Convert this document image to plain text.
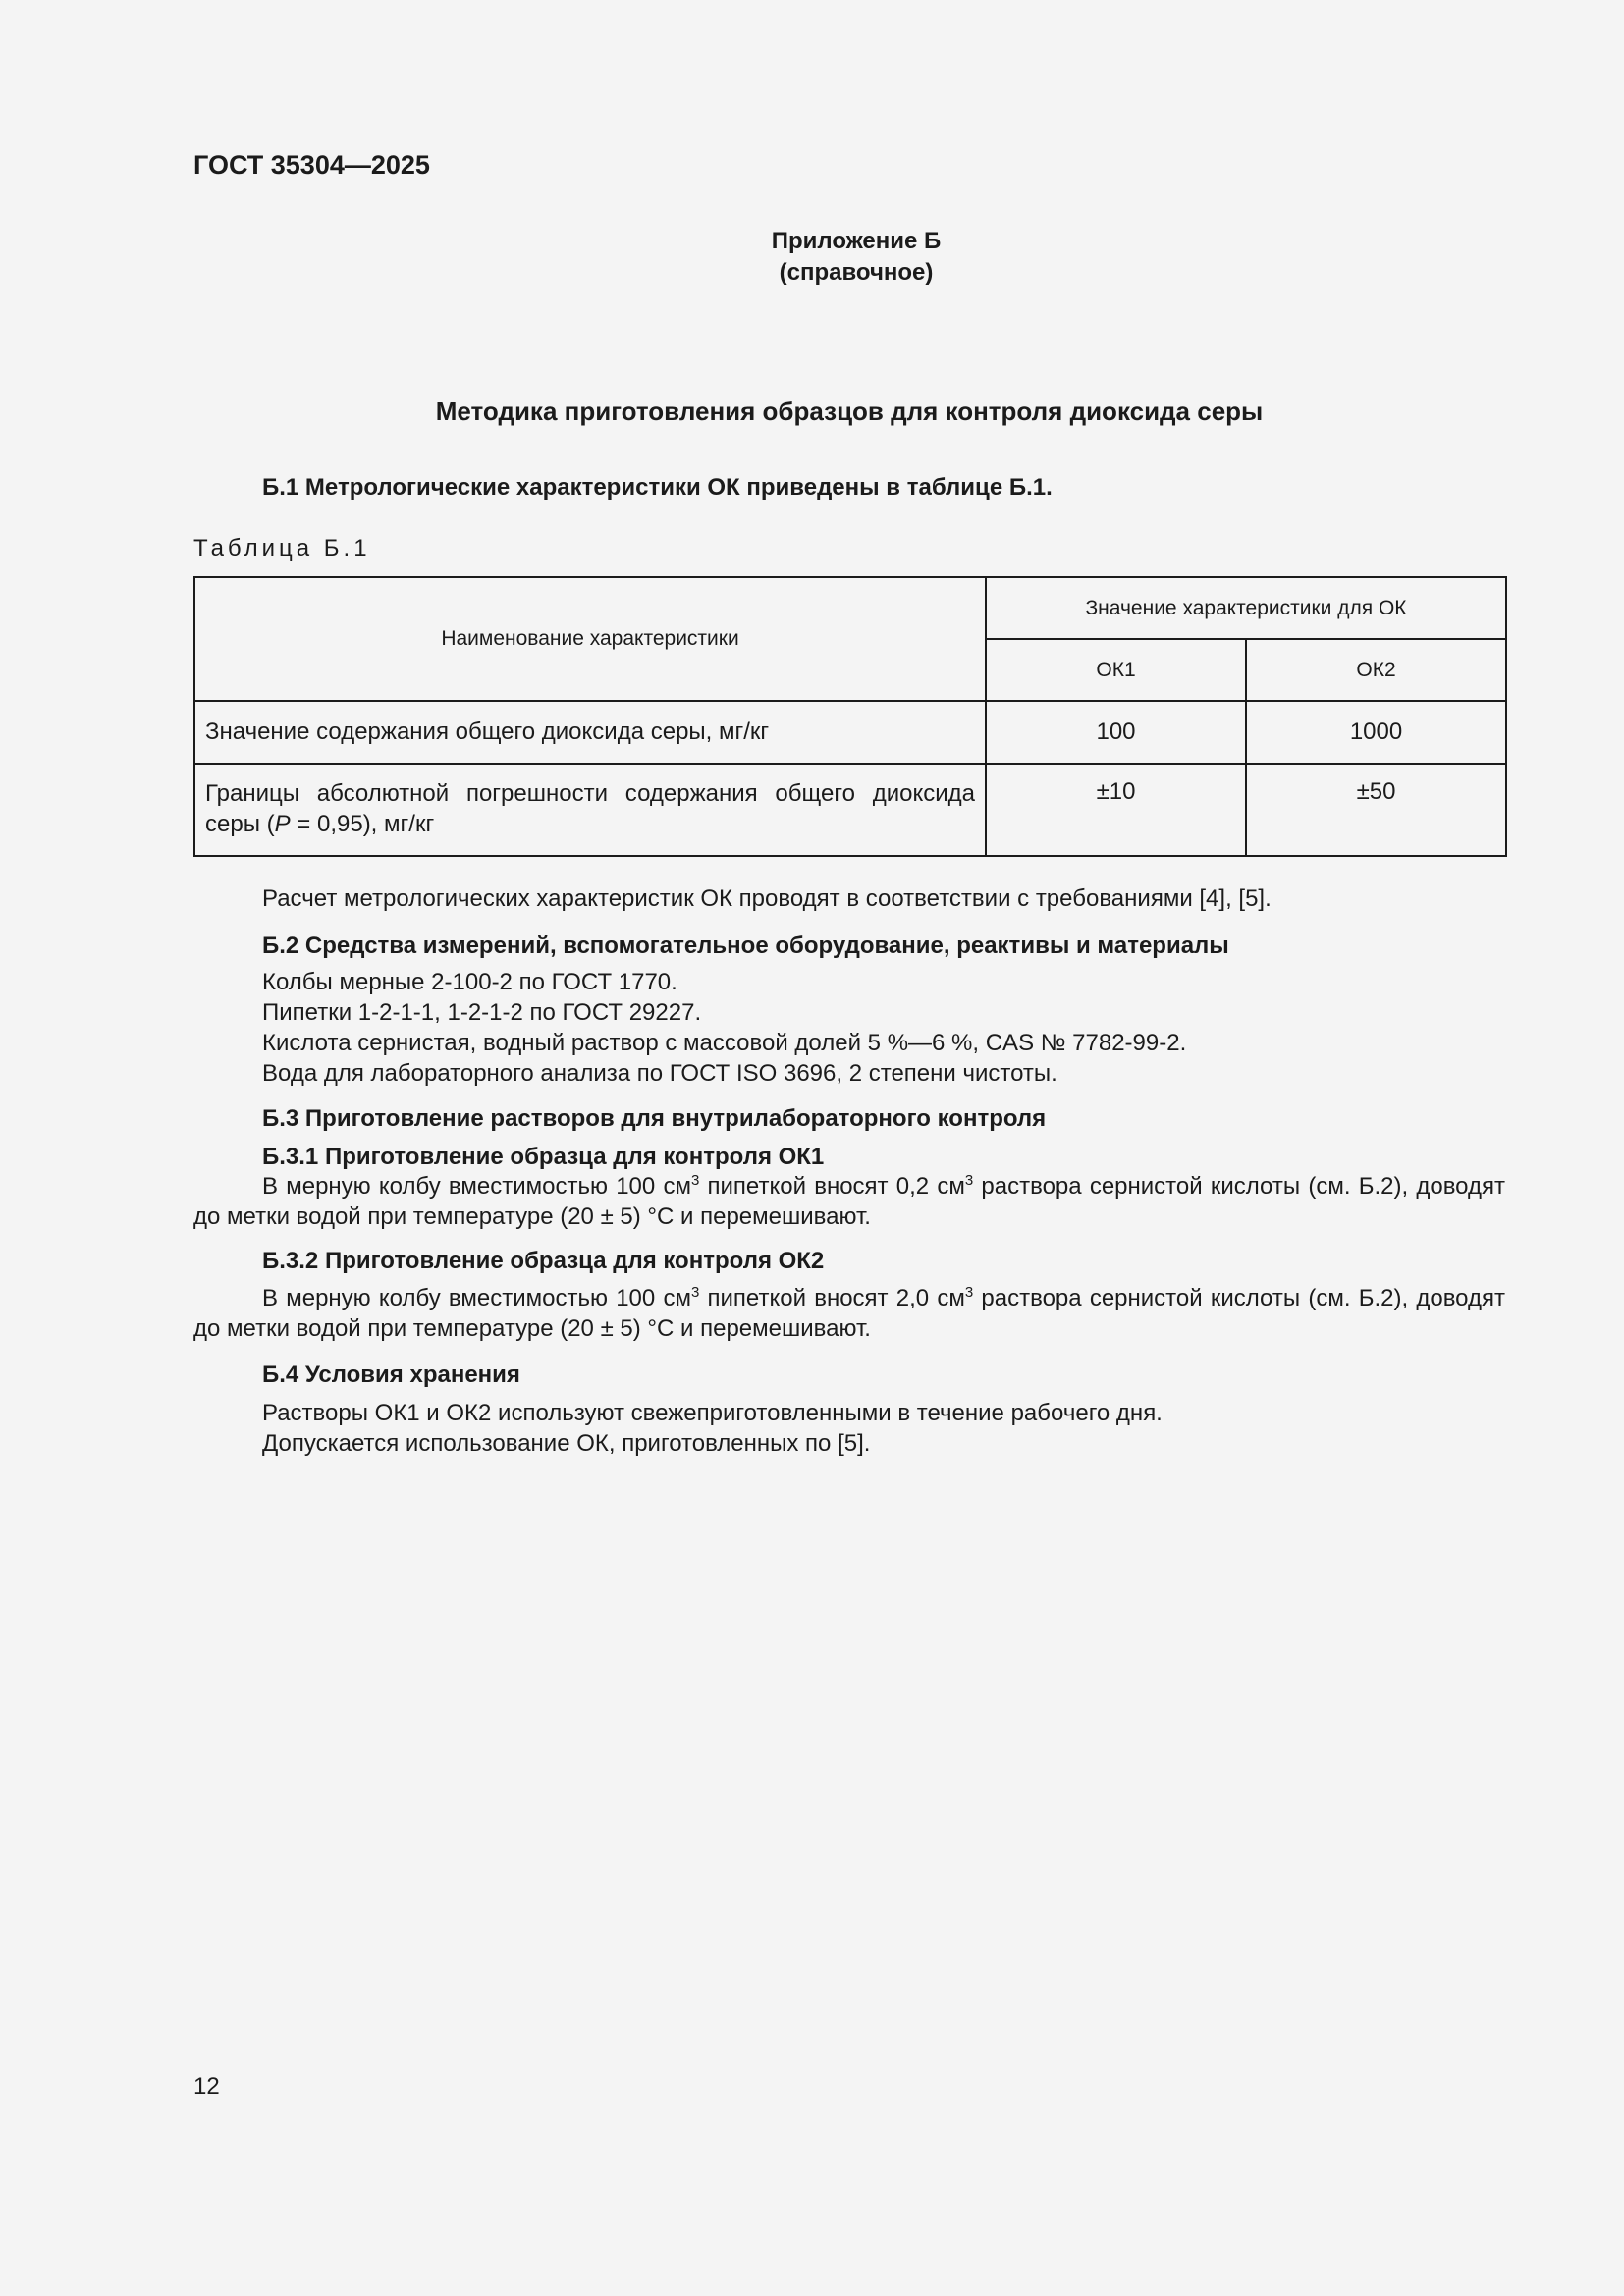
ГОСТ 35304—2025
Приложение Б
(справочное)
Методика приготовления образцов для контроля диоксида серы
Б.1 Метрологические характеристики ОК приведены в таблице Б.1.
Таблица Б.1
Наименование характеристики	Значение характеристики для ОК	
	ОК1	ОК2
Значение содержания общего диоксида серы, мг/кг	100	1000
Границы абсолютной погрешности содержания общего диоксида серы (P = 0,95), мг/кг	±10	±50
Расчет метрологических характеристик ОК проводят в соответствии с требованиями [4], [5].
Б.2 Средства измерений, вспомогательное оборудование, реактивы и материалы
Колбы мерные 2-100-2 по ГОСТ 1770.
Пипетки 1-2-1-1, 1-2-1-2 по ГОСТ 29227.
Кислота сернистая, водный раствор с массовой долей 5 %—6 %, CAS № 7782-99-2.
Вода для лабораторного анализа по ГОСТ ISO 3696, 2 степени чистоты.
Б.3 Приготовление растворов для внутрилабораторного контроля
Б.3.1 Приготовление образца для контроля ОК1
В мерную колбу вместимостью 100 $см^3$ пипеткой вносят 0,2 $см^3$ раствора сернистой кислоты (см. Б.2), доводят до метки водой при температуре (20 ± 5) °С и перемешивают.
Б.3.2 Приготовление образца для контроля ОК2
В мерную колбу вместимостью 100 $см^3$ пипеткой вносят 2,0 $см^3$ раствора сернистой кислоты (см. Б.2), доводят до метки водой при температуре (20 ± 5) °С и перемешивают.
Б.4 Условия хранения
Растворы ОК1 и ОК2 используют свежеприготовленными в течение рабочего дня.
Допускается использование ОК, приготовленных по [5].
12
